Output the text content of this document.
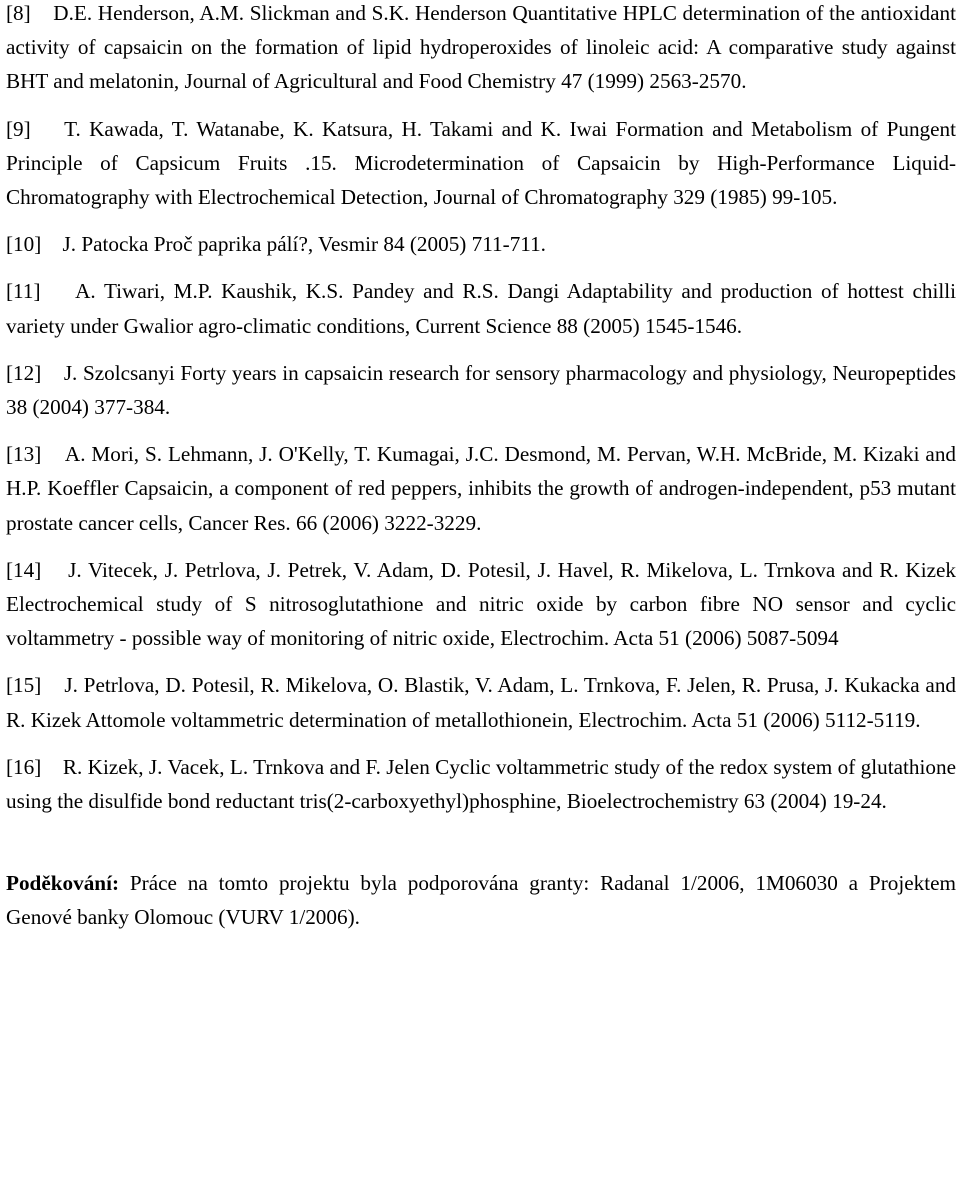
[8] D.E. Henderson, A.M. Slickman and S.K. Henderson Quantitative HPLC determination of the antioxidant activity of capsaicin on the formation of lipid hydroperoxides of linoleic acid: A comparative study against BHT and melatonin, Journal of Agricultural and Food Chemistry 47 (1999) 2563-2570.

[9] T. Kawada, T. Watanabe, K. Katsura, H. Takami and K. Iwai Formation and Metabolism of Pungent Principle of Capsicum Fruits .15. Microdetermination of Capsaicin by High-Performance Liquid-Chromatography with Electrochemical Detection, Journal of Chromatography 329 (1985) 99-105.

[10] J. Patocka Proč paprika pálí?, Vesmir 84 (2005) 711-711.

[11] A. Tiwari, M.P. Kaushik, K.S. Pandey and R.S. Dangi Adaptability and production of hottest chilli variety under Gwalior agro-climatic conditions, Current Science 88 (2005) 1545-1546.

[12] J. Szolcsanyi Forty years in capsaicin research for sensory pharmacology and physiology, Neuropeptides 38 (2004) 377-384.

[13] A. Mori, S. Lehmann, J. O'Kelly, T. Kumagai, J.C. Desmond, M. Pervan, W.H. McBride, M. Kizaki and H.P. Koeffler Capsaicin, a component of red peppers, inhibits the growth of androgen-independent, p53 mutant prostate cancer cells, Cancer Res. 66 (2006) 3222-3229.

[14] J. Vitecek, J. Petrlova, J. Petrek, V. Adam, D. Potesil, J. Havel, R. Mikelova, L. Trnkova and R. Kizek Electrochemical study of S nitrosoglutathione and nitric oxide by carbon fibre NO sensor and cyclic voltammetry - possible way of monitoring of nitric oxide, Electrochim. Acta 51 (2006) 5087-5094

[15] J. Petrlova, D. Potesil, R. Mikelova, O. Blastik, V. Adam, L. Trnkova, F. Jelen, R. Prusa, J. Kukacka and R. Kizek Attomole voltammetric determination of metallothionein, Electrochim. Acta 51 (2006) 5112-5119.

[16] R. Kizek, J. Vacek, L. Trnkova and F. Jelen Cyclic voltammetric study of the redox system of glutathione using the disulfide bond reductant tris(2-carboxyethyl)phosphine, Bioelectrochemistry 63 (2004) 19-24.

Poděkování: Práce na tomto projektu byla podporována granty: Radanal 1/2006, 1M06030 a Projektem Genové banky Olomouc (VURV 1/2006).
